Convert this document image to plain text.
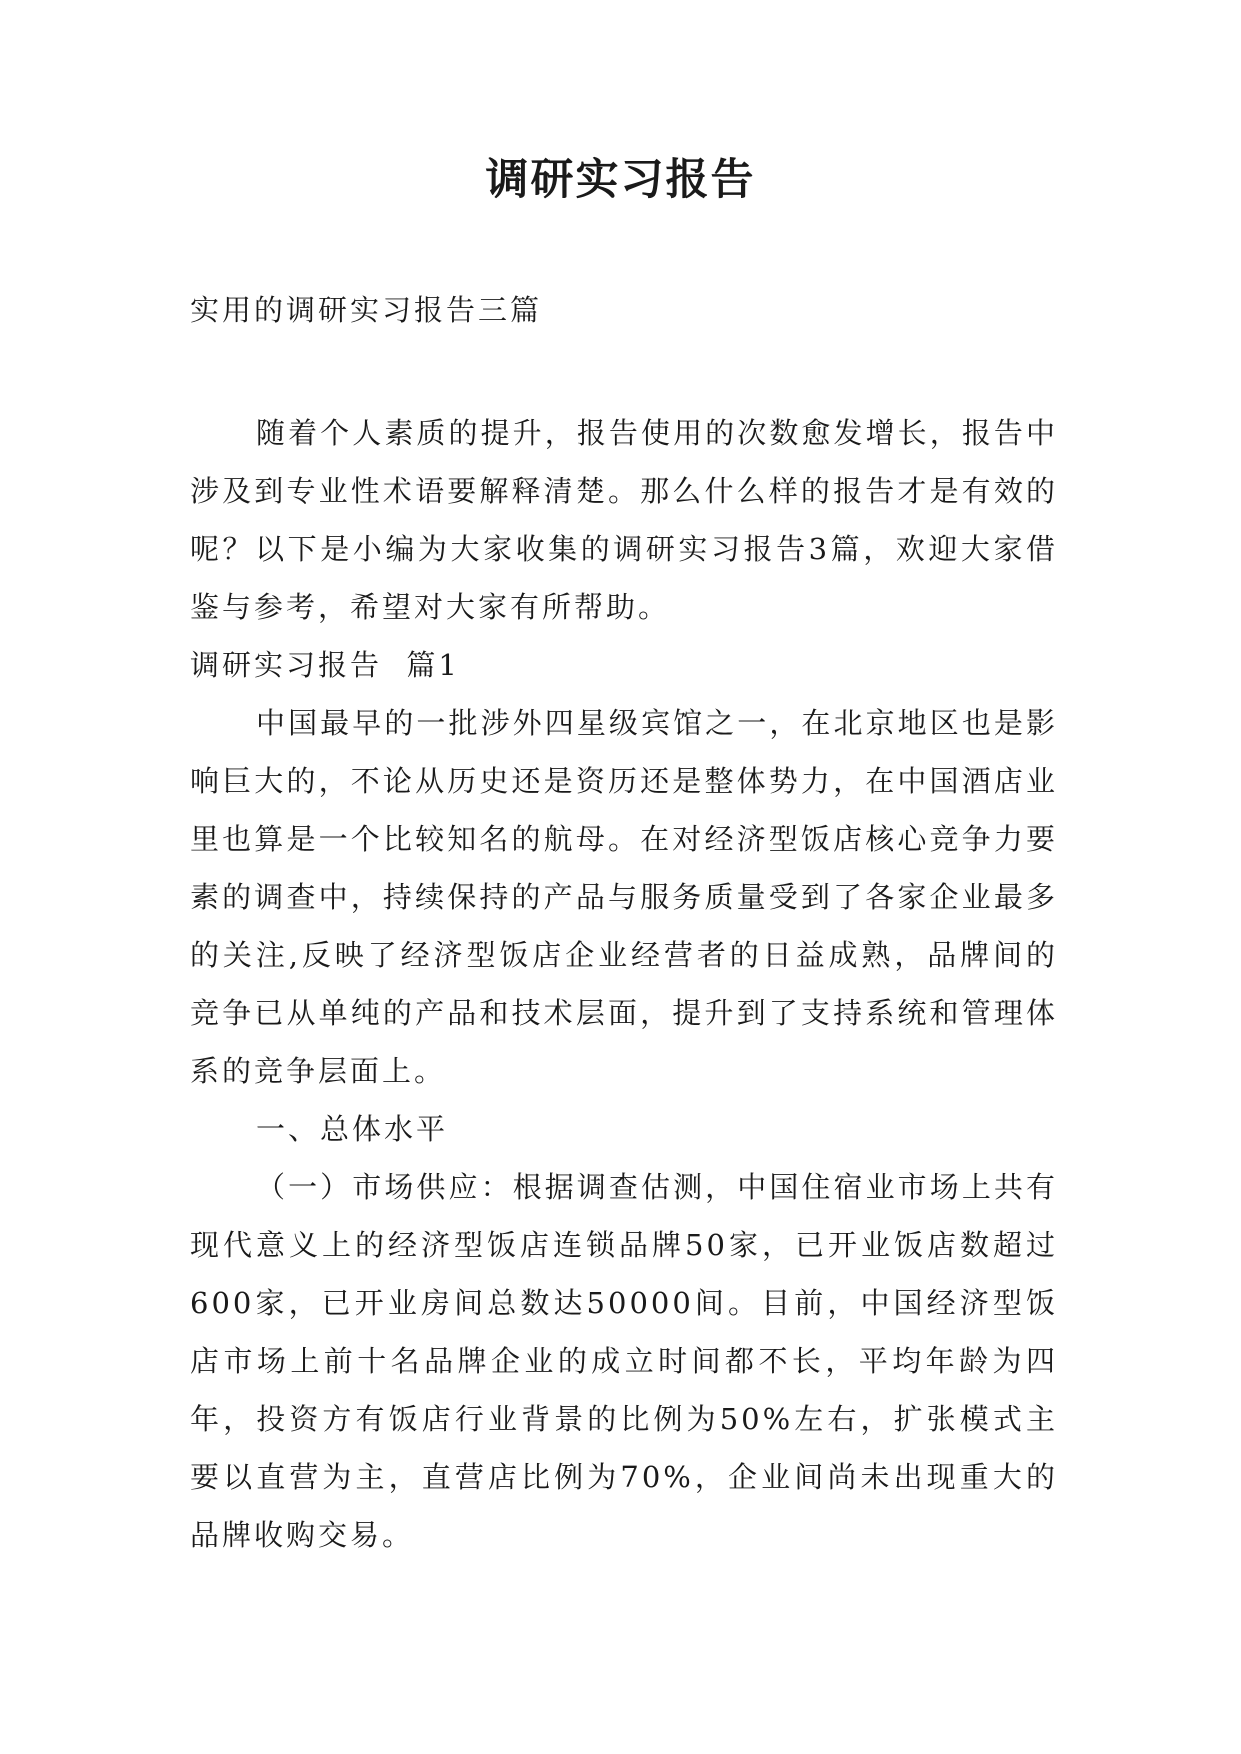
调研实习报告

实用的调研实习报告三篇

随着个人素质的提升，报告使用的次数愈发增长，报告中涉及到专业性术语要解释清楚。那么什么样的报告才是有效的呢？以下是小编为大家收集的调研实习报告3篇，欢迎大家借鉴与参考，希望对大家有所帮助。

调研实习报告  篇1

中国最早的一批涉外四星级宾馆之一，在北京地区也是影响巨大的，不论从历史还是资历还是整体势力，在中国酒店业里也算是一个比较知名的航母。在对经济型饭店核心竞争力要素的调查中，持续保持的产品与服务质量受到了各家企业最多的关注,反映了经济型饭店企业经营者的日益成熟，品牌间的竞争已从单纯的产品和技术层面，提升到了支持系统和管理体系的竞争层面上。

一、总体水平

（一）市场供应：根据调查估测，中国住宿业市场上共有现代意义上的经济型饭店连锁品牌50家，已开业饭店数超过600家，已开业房间总数达50000间。目前，中国经济型饭店市场上前十名品牌企业的成立时间都不长，平均年龄为四年，投资方有饭店行业背景的比例为50%左右，扩张模式主要以直营为主，直营店比例为70%，企业间尚未出现重大的品牌收购交易。
